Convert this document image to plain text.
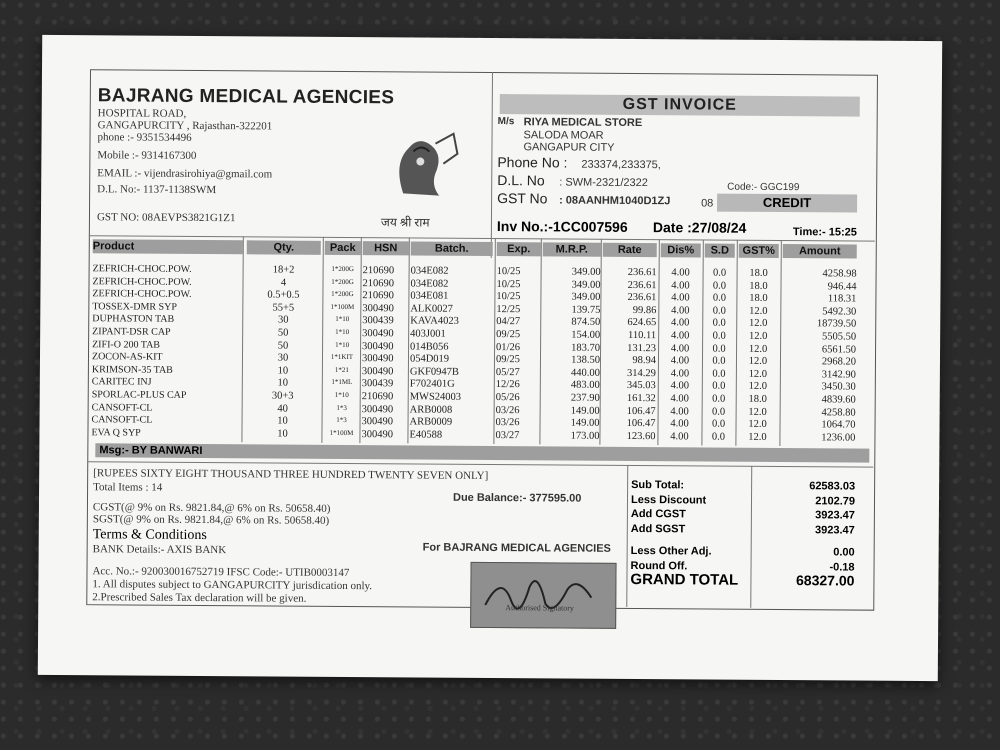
BAJRANG MEDICAL AGENCIES
HOSPITAL ROAD,
GANGAPURCITY , Rajasthan-322201
phone :- 9351534496
Mobile :- 9314167300
EMAIL :- vijendrasirohiya@gmail.com
D.L. No:- 1137-1138SWM
GST NO: 08AEVPS3821G1Z1	जय श्री राम
GST INVOICE
M/s RIYA MEDICAL STORE
SALODA MOAR
GANGAPUR CITY
Phone No : 233374,233375,
D.L. No : SWM-2321/2322
GST No : 08AANHM1040D1ZJ	08
Code:- GGC199
CREDIT
Inv No.:-1CC007596 Date :27/08/24	Time:- 15:25
Product	Qty.	Pack	HSN	Batch.	Exp.	M.R.P.	Rate	Dis%	S.D	GST%	Amount
ZEFRICH-CHOC.POW.	18+2	1*200G 210690	034E082	10/25	349.00	236.61	4.00	0.0	18.0	4258.98
ZEFRICH-CHOC.POW.	4	1*200G 210690	034E082	10/25	349.00	236.61	4.00	0.0	18.0	946.44
ZEFRICH-CHOC.POW.	0.5+0.5	1*200G 210690	034E081	10/25	349.00	236.61	4.00	0.0	18.0	118.31
TOSSEX-DMR SYP	55+5	1*100M 300490	ALK0027	12/25	139.75	99.86	4.00	0.0	12.0	5492.30
DUPHASTON TAB	30	1*10	300439	KAVA4023	04/27	874.50	624.65	4.00	0.0	12.0	18739.50
ZIPANT-DSR CAP	50	1*10	300490	403J001	09/25	154.00	110.11	4.00	0.0	12.0	5505.50
ZIFI-O 200 TAB	50	1*10	300490	014B056	01/26	183.70	131.23	4.00	0.0	12.0	6561.50
ZOCON-AS-KIT	30	1*1KIT 300490	054D019	09/25	138.50	98.94	4.00	0.0	12.0	2968.20
KRIMSON-35 TAB	10	1*21	300490	GKF0947B	05/27	440.00	314.29	4.00	0.0	12.0	3142.90
CARITEC INJ	10	1*1ML 300439	F702401G	12/26	483.00	345.03	4.00	0.0	12.0	3450.30
SPORLAC-PLUS CAP	30+3	1*10	210690	MWS24003	05/26	237.90	161.32	4.00	0.0	18.0	4839.60
CANSOFT-CL	40	1*3	300490	ARB0008	03/26	149.00	106.47	4.00	0.0	12.0	4258.80
CANSOFT-CL	10	1*3	300490	ARB0009	03/26	149.00	106.47	4.00	0.0	12.0	1064.70
EVA Q SYP	10	1*100M 300490	E40588	03/27	173.00	123.60	4.00	0.0	12.0	1236.00
Msg:- BY BANWARI
[RUPEES SIXTY EIGHT THOUSAND THREE HUNDRED TWENTY SEVEN ONLY]
Total Items : 14
Due Balance:- 377595.00
CGST(@ 9% on Rs. 9821.84,@ 6% on Rs. 50658.40)
SGST(@ 9% on Rs. 9821.84,@ 6% on Rs. 50658.40)
Terms & Conditions
BANK Details:- AXIS BANK
Acc. No.:- 920030016752719 IFSC Code:- UTIB0003147
1. All disputes subject to GANGAPURCITY jurisdication only.
2.Prescribed Sales Tax declaration will be given.
For BAJRANG MEDICAL AGENCIES
Authorised Signatory
Sub Total:	62583.03
Less Discount	2102.79
Add CGST	3923.47
Add SGST	3923.47
Less Other Adj.	0.00
Round Off.	-0.18
GRAND TOTAL	68327.00
